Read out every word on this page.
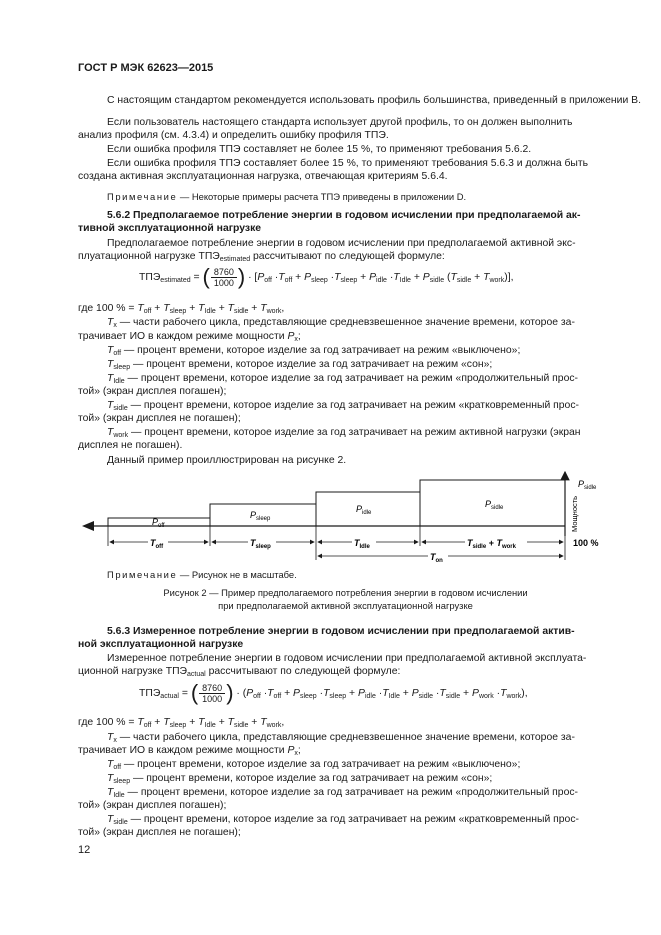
ГОСТ Р МЭК 62623—2015
С настоящим стандартом рекомендуется использовать профиль большинства, приведенный в приложении В.
Если пользователь настоящего стандарта использует другой профиль, то он должен выполнить
анализ профиля (см. 4.3.4) и определить ошибку профиля ТПЭ.
Если ошибка профиля ТПЭ составляет не более 15 %, то применяют требования 5.6.2.
Если ошибка профиля ТПЭ составляет более 15 %, то применяют требования 5.6.3 и должна быть
создана активная эксплуатационная нагрузка, отвечающая критериям 5.6.4.
Примечание — Некоторые примеры расчета ТПЭ приведены в приложении D.
5.6.2 Предполагаемое потребление энергии в годовом исчислении при предполагаемой ак-
тивной эксплуатационной нагрузке
Предполагаемое потребление энергии в годовом исчислении при предполагаемой активной экс-
плуатационной нагрузке $ТПЭ_{estimated}$ рассчитывают по следующей формуле:
$ТПЭ_{estimated}$ = ( $\frac{8760}{1000}$ ) · [$P_{off} \cdot T_{off} + P_{sleep} \cdot T_{sleep} + P_{idle} \cdot T_{Idle} + P_{sidle}$ $(T_{sidle} + T_{work})$],
где 100 % = $T_{off} + T_{sleep} + T_{Idle} + T_{sidle} + T_{work}$,
$T_x$ — части рабочего цикла, представляющие средневзвешенное значение времени, которое за-
трачивает ИО в каждом режиме мощности $P_x$;
$T_{off}$ — процент времени, которое изделие за год затрачивает на режим «выключено»;
$T_{sleep}$ — процент времени, которое изделие за год затрачивает на режим «сон»;
$T_{Idle}$ — процент времени, которое изделие за год затрачивает на режим «продолжительный прос-
той» (экран дисплея погашен);
$T_{sidle}$ — процент времени, которое изделие за год затрачивает на режим «кратковременный прос-
той» (экран дисплея не погашен);
$T_{work}$ — процент времени, которое изделие за год затрачивает на режим активной нагрузки (экран
дисплея не погашен).
Данный пример проиллюстрирован на рисунке 2.
$P_{off}$
$P_{sleep}$
$P_{idle}$
$P_{sidle}$
$P_{sidle}$
Мощность
$T_{off}$	$T_{sleep}$	$T_{Idle}$	$T_{sidle} + T_{work}$
$T_{on}$
100 %
Примечание — Рисунок не в масштабе.
Рисунок 2 — Пример предполагаемого потребления энергии в годовом исчислении
при предполагаемой активной эксплуатационной нагрузке
5.6.3 Измеренное потребление энергии в годовом исчислении при предполагаемой актив-
ной эксплуатационной нагрузке
Измеренное потребление энергии в годовом исчислении при предполагаемой активной эксплуата-
ционной нагрузке $ТПЭ_{actual}$ рассчитывают по следующей формуле:
$ТПЭ_{actual}$ = ( $\frac{8760}{1000}$ ) · $(P_{off} \cdot T_{off} + P_{sleep} \cdot T_{sleep} + P_{idle} \cdot T_{Idle} + P_{sidle} \cdot T_{sidle} + P_{work} \cdot T_{work})$,
где 100 % = $T_{off} + T_{sleep} + T_{Idle} + T_{sidle} + T_{work}$,
$T_x$ — части рабочего цикла, представляющие средневзвешенное значение времени, которое за-
трачивает ИО в каждом режиме мощности $P_x$;
$T_{off}$ — процент времени, которое изделие за год затрачивает на режим «выключено»;
$T_{sleep}$ — процент времени, которое изделие за год затрачивает на режим «сон»;
$T_{Idle}$ — процент времени, которое изделие за год затрачивает на режим «продолжительный прос-
той» (экран дисплея погашен);
$T_{sidle}$ — процент времени, которое изделие за год затрачивает на режим «кратковременный прос-
той» (экран дисплея не погашен);
12
